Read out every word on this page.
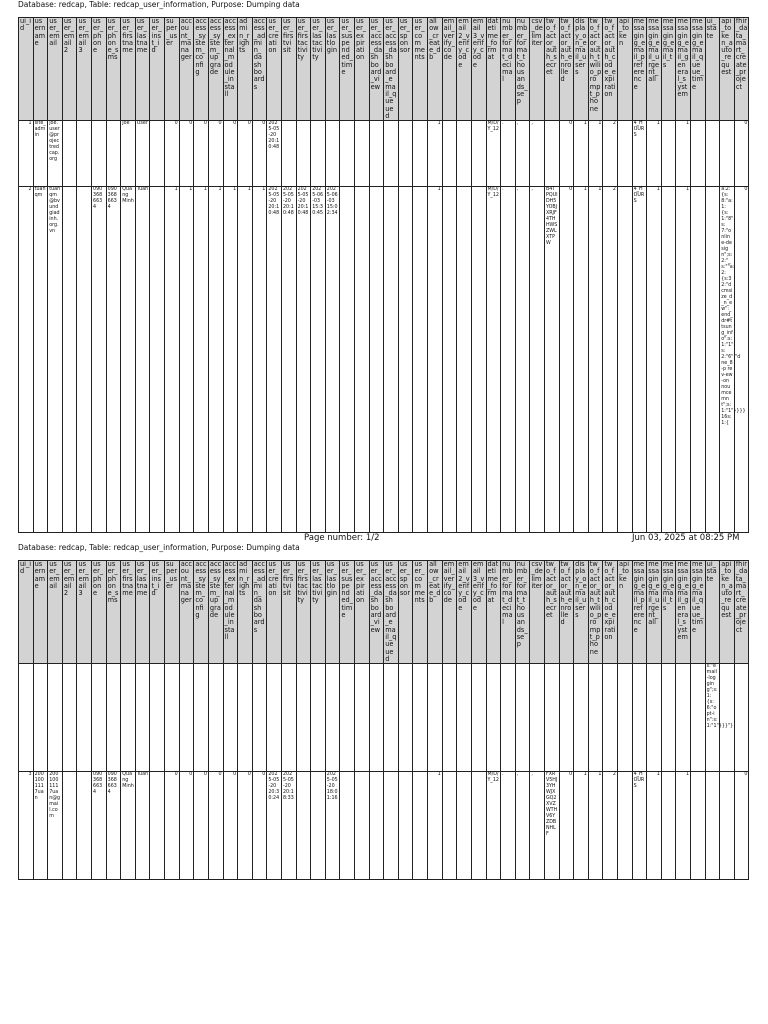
Database: redcap, Table: redcap_user_information, Purpose: Dumping data
ui_id	username	user_email	user_email2	user_email3	user_phone	user_phone_sms	user_firstname	user_lastname	user_inst_id	super_user	account_manager	access_system_config	access_system_upgrade	access_external_module_install	admin_rights	access_admin_dashboards	user_creation	user_firstvisit	user_firstactivity	user_lastactivity	user_lastlogin	user_suspended_time	user_expiration	user_access_dashboard_view	user_access_dashboard_email_queued	user_sponsor	user_comments	allow_create_db	email_verify_code	email2_verify_code	email3_verify_code	datetime_format	number_format_decimal	number_format_thousands_sep	csv_delimiter	two_factor_auth_secret	two_factor_auth_enrolled	display_on_email_users	two_factor_auth_twilio_prompt_phone	two_factor_auth_code_expiration	api_token	messaging_email_preference	messaging_email_urgent_all	messaging_email_ts	messaging_email_general_system	messaging_email_queue_time	ui_state	api_token_auto_request	fhir_data_mart_create_project	
1	site_admin	joe.user@projectredcap.org					Joe	User		0	0	0	0	0	0	0	2025-05-20 20:10:48											1				M/D/Y_12	.	,	,		0	1	1	2		4_HOURS	1		1				0	
2	tuanqm	tuanqm@bvundgiadinh.org.vn			0903686634	0903686634	Quang Minh	Tuan		1	1	1	1	1	1	1	2025-05-20 20:10:48	2025-05-20 20:10:48	2025-05-20 20:10:48	2025-06-03 15:30:45	2025-06-03 15:02:34							1				M/D/Y_12	.	,	,	B4TPQUIDH5YOBJXRJF4THHWSZWLXTPW	0	1	1	2		4_HOURS	1		1			a:2:{s:8:"a:1:{s:1:"8":s:7:"online-design";s:2:"_s:""a:2:{s:32:"dcmsize_d_n_ew":_end_dr#ttsung_info":s:1:"1":s:2:"6":"dne_8-p rev-ew-on noumcemnt";s:1:"1"}}}}16s:1:{	0	
Page number: 1/2	Jun 03, 2025 at 08:25 PM
Database: redcap, Table: redcap_user_information, Purpose: Dumping data
ui_id	username	user_email	user_email2	user_email3	user_phone	user_phone_sms	user_firstname	user_lastname	user_inst_id	super_user	account_manager	access_system_config	access_system_upgrade	access_external_module_install	admin_rights	access_admin_dashboards	user_creation	user_firstvisit	user_firstactivity	user_lastactivity	user_lastlogin	user_suspended_time	user_expiration	user_access_dashboard_view	user_access_dashboard_email_queued	user_sponsor	user_comments	allow_create_db	email_verify_code	email2_verify_code	email3_verify_code	datetime_format	number_format_decimal	number_format_thousands_sep	csv_delimiter	two_factor_auth_secret	two_factor_auth_enrolled	display_on_email_users	two_factor_auth_twilio_prompt_phone	two_factor_auth_code_expiration	api_token	messaging_email_preference	messaging_email_urgent_all	messaging_email_ts	messaging_email_general_system	messaging_email_queue_time	ui_state	api_token_auto_request	fhir_data_mart_create_project	
																																															s:"email-logging";s:1:{s:6:"opt-in":s:1:"1"}}}"}			
3	2001001117uan	2001001117uan@gmail.com			0903686634	0903686634	Quang Minh	Tuan		0	0	0	0	0	0	0	2025-05-20 20:30:24	2025-05-20 20:18:33			2025-05-20 18:01:16							1				M/D/Y_12	.	,	,	FXRV5HJ3YHWJXGQ2XVZWTHV6YZDBNHLF	0	1	1	2		4_HOURS	1		1				0	
